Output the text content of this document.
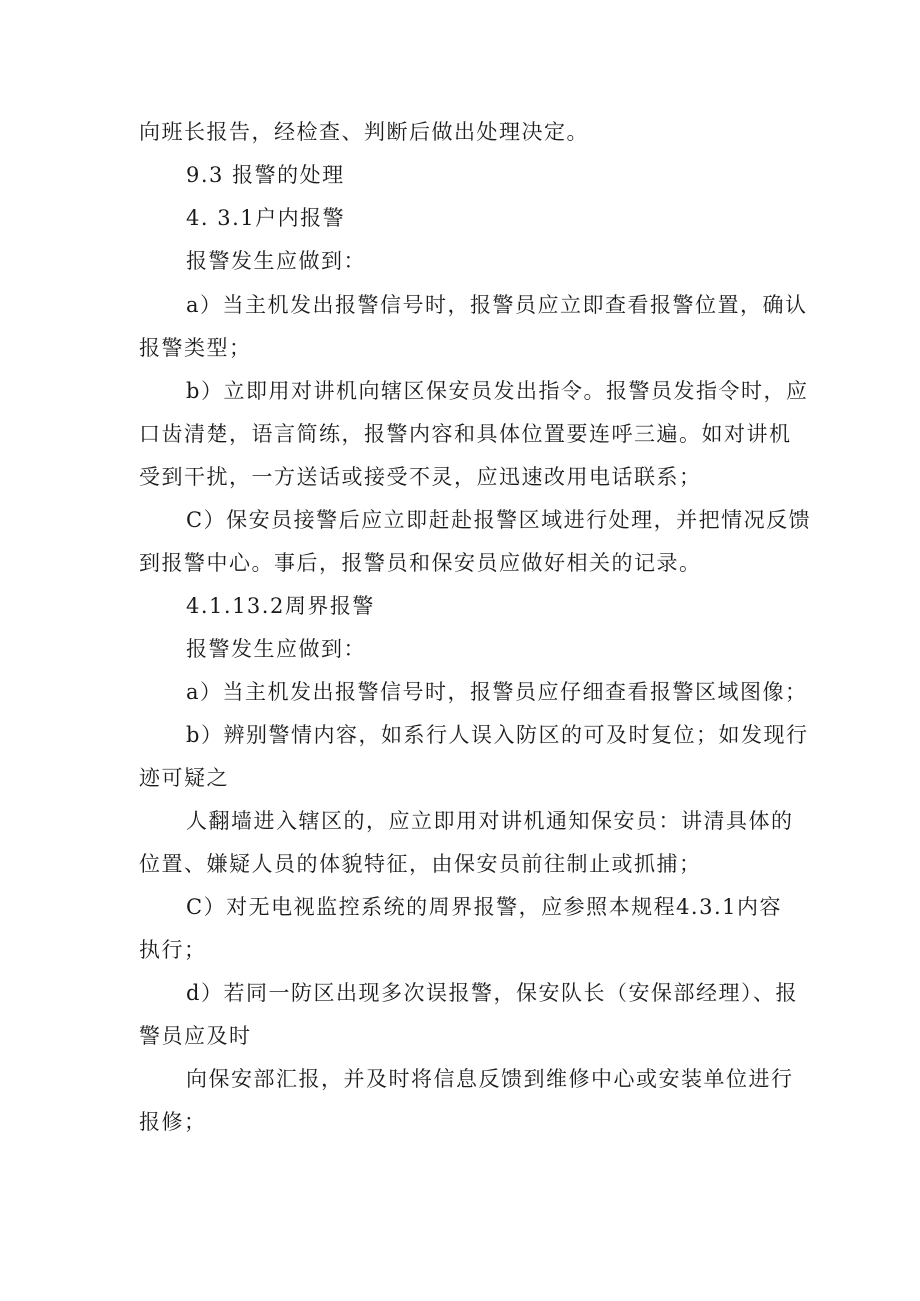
向班长报告，经检查、判断后做出处理决定。
9.3 报警的处理
4. 3.1户内报警
报警发生应做到：
a）当主机发出报警信号时，报警员应立即查看报警位置，确认
报警类型；
b）立即用对讲机向辖区保安员发出指令。报警员发指令时，应
口齿清楚，语言简练，报警内容和具体位置要连呼三遍。如对讲机
受到干扰，一方送话或接受不灵，应迅速改用电话联系；
C）保安员接警后应立即赶赴报警区域进行处理，并把情况反馈
到报警中心。事后，报警员和保安员应做好相关的记录。
4.1.13.2周界报警
报警发生应做到：
a）当主机发出报警信号时，报警员应仔细查看报警区域图像；
b）辨别警情内容，如系行人误入防区的可及时复位；如发现行
迹可疑之
人翻墙进入辖区的，应立即用对讲机通知保安员：讲清具体的
位置、嫌疑人员的体貌特征，由保安员前往制止或抓捕；
C）对无电视监控系统的周界报警，应参照本规程4.3.1内容
执行；
d）若同一防区出现多次误报警，保安队长（安保部经理）、报
警员应及时
向保安部汇报，并及时将信息反馈到维修中心或安装单位进行
报修；
